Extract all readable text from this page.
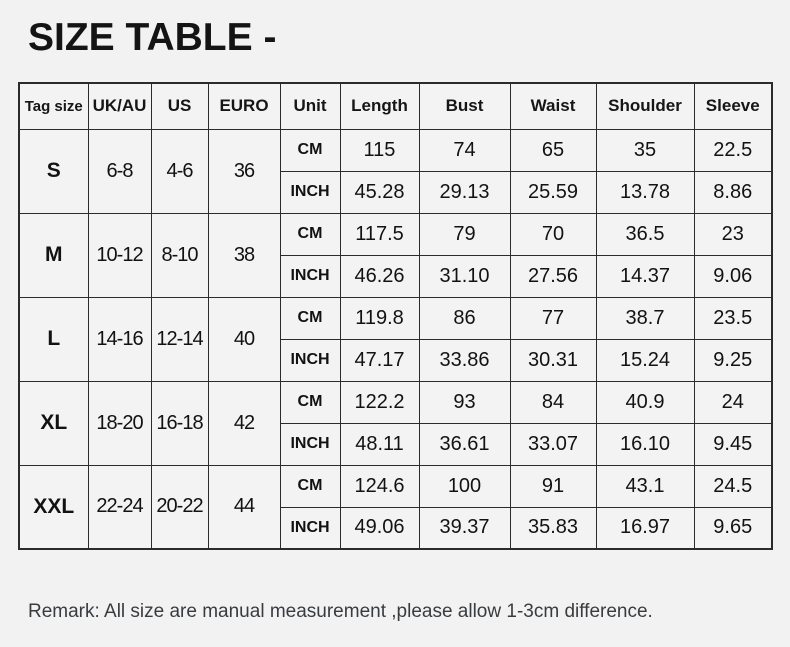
SIZE TABLE -
Tag size	UK/AU	US	EURO	Unit	Length	Bust	Waist	Shoulder	Sleeve
S	6-8	4-6	36	CM	115	74	65	35	22.5
				INCH	45.28	29.13	25.59	13.78	8.86
M	10-12	8-10	38	CM	117.5	79	70	36.5	23
				INCH	46.26	31.10	27.56	14.37	9.06
L	14-16	12-14	40	CM	119.8	86	77	38.7	23.5
				INCH	47.17	33.86	30.31	15.24	9.25
XL	18-20	16-18	42	CM	122.2	93	84	40.9	24
				INCH	48.11	36.61	33.07	16.10	9.45
XXL	22-24	20-22	44	CM	124.6	100	91	43.1	24.5
				INCH	49.06	39.37	35.83	16.97	9.65
Remark: All size are manual measurement ,please allow 1-3cm difference.
